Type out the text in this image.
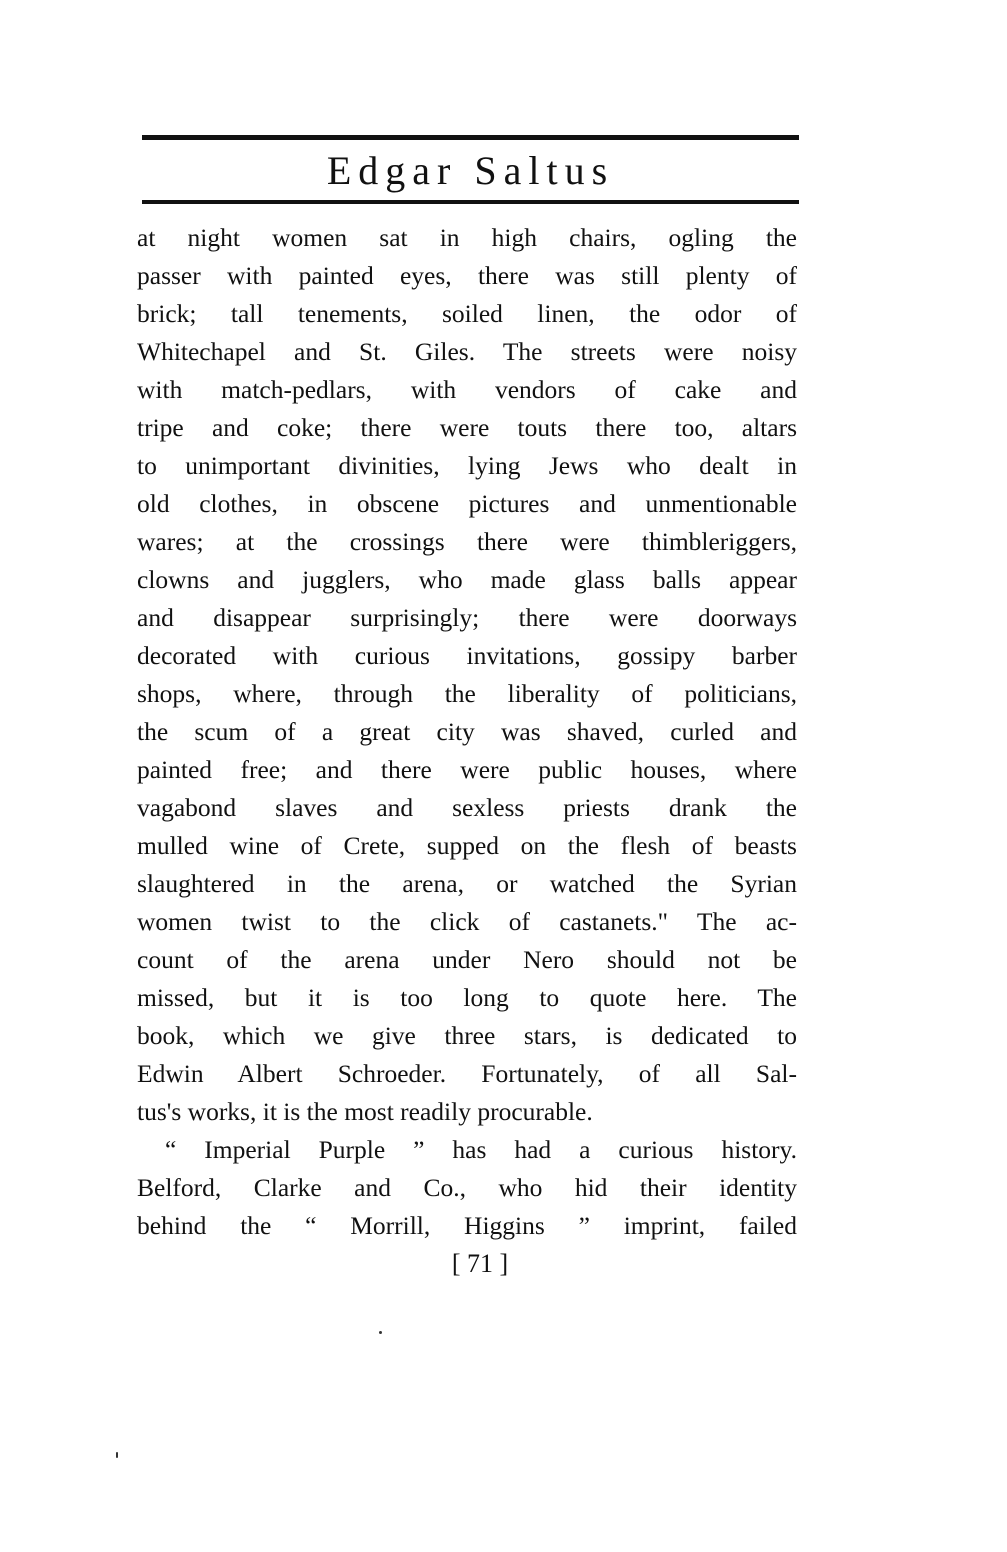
Edgar Saltus
at night women sat in high chairs, ogling the
passer with painted eyes, there was still plenty of
brick; tall tenements, soiled linen, the odor of
Whitechapel and St. Giles. The streets were noisy
with match-pedlars, with vendors of cake and
tripe and coke; there were touts there too, altars
to unimportant divinities, lying Jews who dealt in
old clothes, in obscene pictures and unmentionable
wares; at the crossings there were thimbleriggers,
clowns and jugglers, who made glass balls appear
and disappear surprisingly; there were doorways
decorated with curious invitations, gossipy barber
shops, where, through the liberality of politicians,
the scum of a great city was shaved, curled and
painted free; and there were public houses, where
vagabond slaves and sexless priests drank the
mulled wine of Crete, supped on the flesh of beasts
slaughtered in the arena, or watched the Syrian
women twist to the click of castanets." The ac-
count of the arena under Nero should not be
missed, but it is too long to quote here. The
book, which we give three stars, is dedicated to
Edwin Albert Schroeder. Fortunately, of all Sal-
tus's works, it is the most readily procurable.
“ Imperial Purple ” has had a curious history.
Belford, Clarke and Co., who hid their identity
behind the “ Morrill, Higgins ” imprint, failed
[ 71 ]
